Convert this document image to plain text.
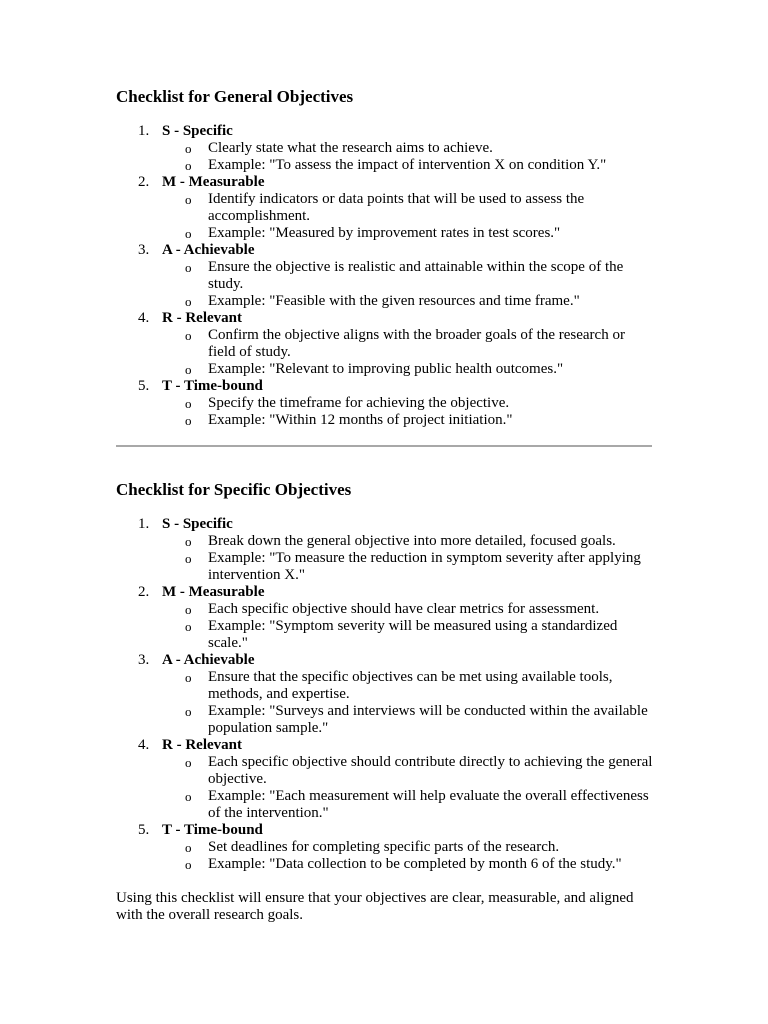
Checklist for General Objectives
1. S - Specific
o Clearly state what the research aims to achieve.
o Example: "To assess the impact of intervention X on condition Y."
2. M - Measurable
o Identify indicators or data points that will be used to assess the accomplishment.
o Example: "Measured by improvement rates in test scores."
3. A - Achievable
o Ensure the objective is realistic and attainable within the scope of the study.
o Example: "Feasible with the given resources and time frame."
4. R - Relevant
o Confirm the objective aligns with the broader goals of the research or field of study.
o Example: "Relevant to improving public health outcomes."
5. T - Time-bound
o Specify the timeframe for achieving the objective.
o Example: "Within 12 months of project initiation."
Checklist for Specific Objectives
1. S - Specific
o Break down the general objective into more detailed, focused goals.
o Example: "To measure the reduction in symptom severity after applying intervention X."
2. M - Measurable
o Each specific objective should have clear metrics for assessment.
o Example: "Symptom severity will be measured using a standardized scale."
3. A - Achievable
o Ensure that the specific objectives can be met using available tools, methods, and expertise.
o Example: "Surveys and interviews will be conducted within the available population sample."
4. R - Relevant
o Each specific objective should contribute directly to achieving the general objective.
o Example: "Each measurement will help evaluate the overall effectiveness of the intervention."
5. T - Time-bound
o Set deadlines for completing specific parts of the research.
o Example: "Data collection to be completed by month 6 of the study."

Using this checklist will ensure that your objectives are clear, measurable, and aligned with the overall research goals.
